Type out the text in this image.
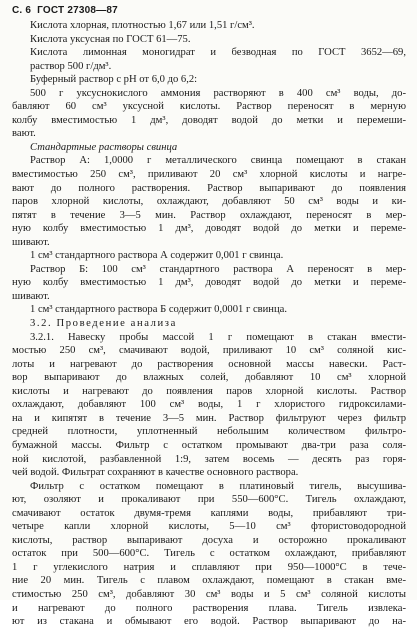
С. 6 ГОСТ 27308—87
Кислота хлорная, плотностью 1,67 или 1,51 г/см³.
Кислота уксусная по ГОСТ 61—75.
Кислота лимонная моногидрат и безводная по ГОСТ 3652—69,
раствор 500 г/дм³.
Буферный раствор с pH от 6,0 до 6,2:
500 г уксуснокислого аммония растворяют в 400 см³ воды, до-
бавляют 60 см³ уксусной кислоты. Раствор переносят в мерную
колбу вместимостью 1 дм³, доводят водой до метки и перемеши-
вают.
Стандартные растворы свинца
Раствор А: 1,0000 г металлического свинца помещают в стакан
вместимостью 250 см³, приливают 20 см³ хлорной кислоты и нагре-
вают до полного растворения. Раствор выпаривают до появления
паров хлорной кислоты, охлаждают, добавляют 50 см³ воды и ки-
пятят в течение 3—5 мин. Раствор охлаждают, переносят в мер-
ную колбу вместимостью 1 дм³, доводят водой до метки и переме-
шивают.
1 см³ стандартного раствора А содержит 0,001 г свинца.
Раствор Б: 100 см³ стандартного раствора А переносят в мер-
ную колбу вместимостью 1 дм³, доводят водой до метки и переме-
шивают.
1 см³ стандартного раствора Б содержит 0,0001 г свинца.
3.2. Проведение анализа
3.2.1. Навеску пробы массой 1 г помещают в стакан вмести-
мостью 250 см³, смачивают водой, приливают 10 см³ соляной кис-
лоты и нагревают до растворения основной массы навески. Раст-
вор выпаривают до влажных солей, добавляют 10 см³ хлорной
кислоты и нагревают до появления паров хлорной кислоты. Раствор
охлаждают, добавляют 100 см³ воды, 1 г хлористого гидроксилами-
на и кипятят в течение 3—5 мин. Раствор фильтруют через фильтр
средней плотности, уплотненный небольшим количеством фильтро-
бумажной массы. Фильтр с остатком промывают два-три раза соля-
ной кислотой, разбавленной 1:9, затем восемь — десять раз горя-
чей водой. Фильтрат сохраняют в качестве основного раствора.
Фильтр с остатком помещают в платиновый тигель, высушива-
ют, озоляют и прокаливают при 550—600°С. Тигель охлаждают,
смачивают остаток двумя-тремя каплями воды, прибавляют три-
четыре капли хлорной кислоты, 5—10 см³ фтористоводородной
кислоты, раствор выпаривают досуха и осторожно прокаливают
остаток при 500—600°С. Тигель с остатком охлаждают, прибавляют
1 г углекислого натрия и сплавляют при 950—1000°С в тече-
ние 20 мин. Тигель с плавом охлаждают, помещают в стакан вме-
стимостью 250 см³, добавляют 30 см³ воды и 5 см³ соляной кислоты
и нагревают до полного растворения плава. Тигель извлека-
ют из стакана и обмывают его водой. Раствор выпаривают до на-
